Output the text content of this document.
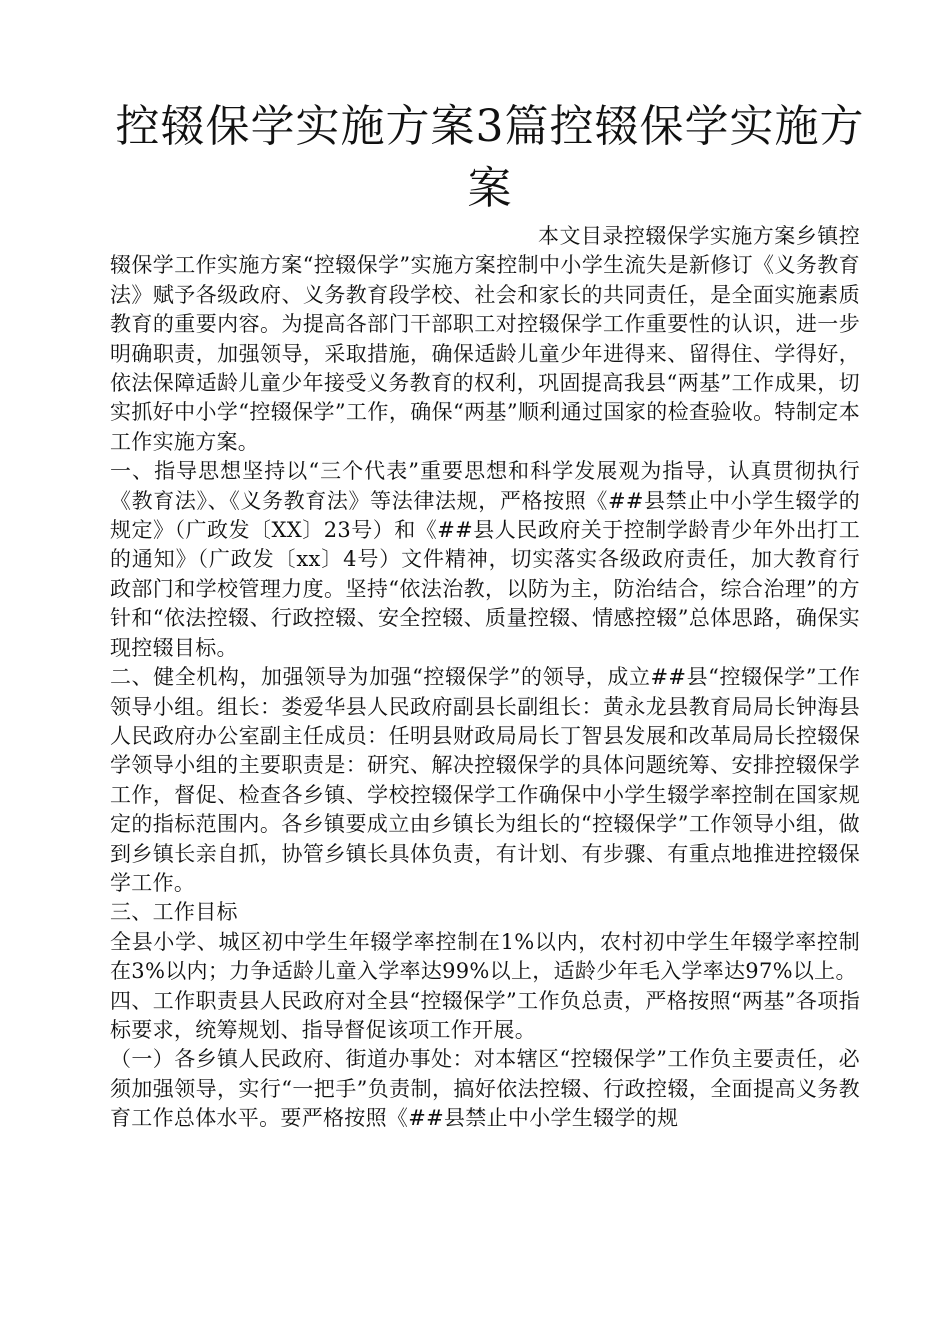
控辍保学实施方案3篇控辍保学实施方案

本文目录控辍保学实施方案乡镇控辍保学工作实施方案“控辍保学”实施方案控制中小学生流失是新修订《义务教育法》赋予各级政府、义务教育段学校、社会和家长的共同责任，是全面实施素质教育的重要内容。为提高各部门干部职工对控辍保学工作重要性的认识，进一步明确职责，加强领导，采取措施，确保适龄儿童少年进得来、留得住、学得好，依法保障适龄儿童少年接受义务教育的权利，巩固提高我县“两基”工作成果，切实抓好中小学“控辍保学”工作，确保“两基”顺利通过国家的检查验收。特制定本工作实施方案。

一、指导思想坚持以“三个代表”重要思想和科学发展观为指导，认真贯彻执行《教育法》、《义务教育法》等法律法规，严格按照《##县禁止中小学生辍学的规定》（广政发〔XX〕23号）和《##县人民政府关于控制学龄青少年外出打工的通知》（广政发〔xx〕4号）文件精神，切实落实各级政府责任，加大教育行政部门和学校管理力度。坚持“依法治教，以防为主，防治结合，综合治理”的方针和“依法控辍、行政控辍、安全控辍、质量控辍、情感控辍”总体思路，确保实现控辍目标。

二、健全机构，加强领导为加强“控辍保学”的领导，成立##县“控辍保学”工作领导小组。组长：娄爱华县人民政府副县长副组长：黄永龙县教育局局长钟海县人民政府办公室副主任成员：任明县财政局局长丁智县发展和改革局局长控辍保学领导小组的主要职责是：研究、解决控辍保学的具体问题统筹、安排控辍保学工作，督促、检查各乡镇、学校控辍保学工作确保中小学生辍学率控制在国家规定的指标范围内。各乡镇要成立由乡镇长为组长的“控辍保学”工作领导小组，做到乡镇长亲自抓，协管乡镇长具体负责，有计划、有步骤、有重点地推进控辍保学工作。

三、工作目标

全县小学、城区初中学生年辍学率控制在1%以内，农村初中学生年辍学率控制在3%以内；力争适龄儿童入学率达99%以上，适龄少年毛入学率达97%以上。

四、工作职责县人民政府对全县“控辍保学”工作负总责，严格按照“两基”各项指标要求，统筹规划、指导督促该项工作开展。

（一）各乡镇人民政府、街道办事处：对本辖区“控辍保学”工作负主要责任，必须加强领导，实行“一把手”负责制，搞好依法控辍、行政控辍，全面提高义务教育工作总体水平。要严格按照《##县禁止中小学生辍学的规
